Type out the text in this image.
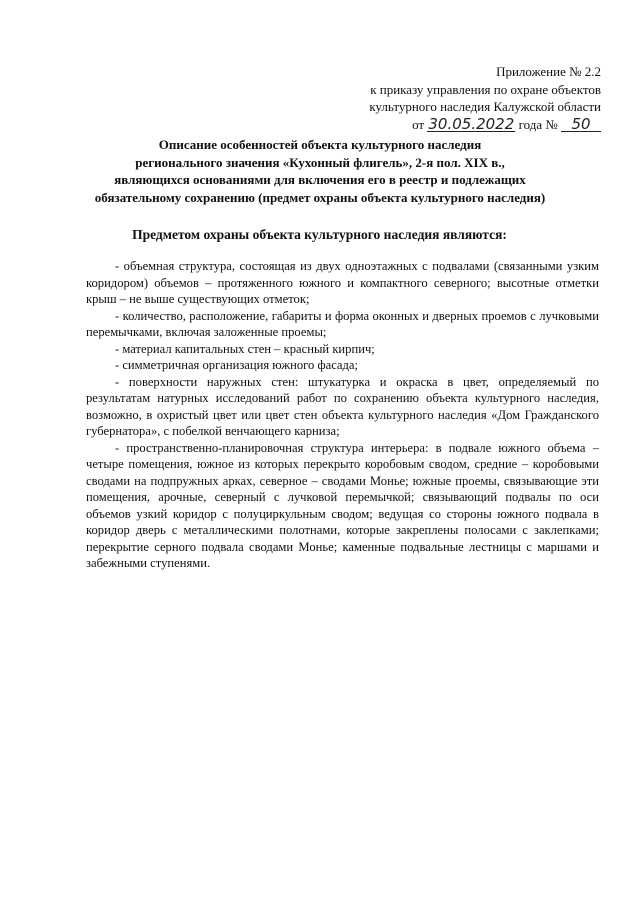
Приложение № 2.2
к приказу управления по охране объектов
культурного наследия Калужской области
от 30.05.2022 года № 50
Описание особенностей объекта культурного наследия
регионального значения «Кухонный флигель», 2-я пол. XIX в.,
являющихся основаниями для включения его в реестр и подлежащих
обязательному сохранению (предмет охраны объекта культурного наследия)
Предметом охраны объекта культурного наследия являются:

- объемная структура, состоящая из двух одноэтажных с подвалами (связанными узким коридором) объемов – протяженного южного и компактного северного; высотные отметки крыш – не выше существующих отметок;

- количество, расположение, габариты и форма оконных и дверных проемов с лучковыми перемычками, включая заложенные проемы;

- материал капитальных стен – красный кирпич;

- симметричная организация южного фасада;

- поверхности наружных стен: штукатурка и окраска в цвет, определяемый по результатам натурных исследований работ по сохранению объекта культурного наследия, возможно, в охристый цвет или цвет стен объекта культурного наследия «Дом Гражданского губернатора», с побелкой венчающего карниза;

- пространственно-планировочная структура интерьера: в подвале южного объема – четыре помещения, южное из которых перекрыто коробовым сводом, средние – коробовыми сводами на подпружных арках, северное – сводами Монье; южные проемы, связывающие эти помещения, арочные, северный с лучковой перемычкой; связывающий подвалы по оси объемов узкий коридор с полуциркульным сводом; ведущая со стороны южного подвала в коридор дверь с металлическими полотнами, которые закреплены полосами с заклепками; перекрытие серного подвала сводами Монье; каменные подвальные лестницы с маршами и забежными ступенями.
